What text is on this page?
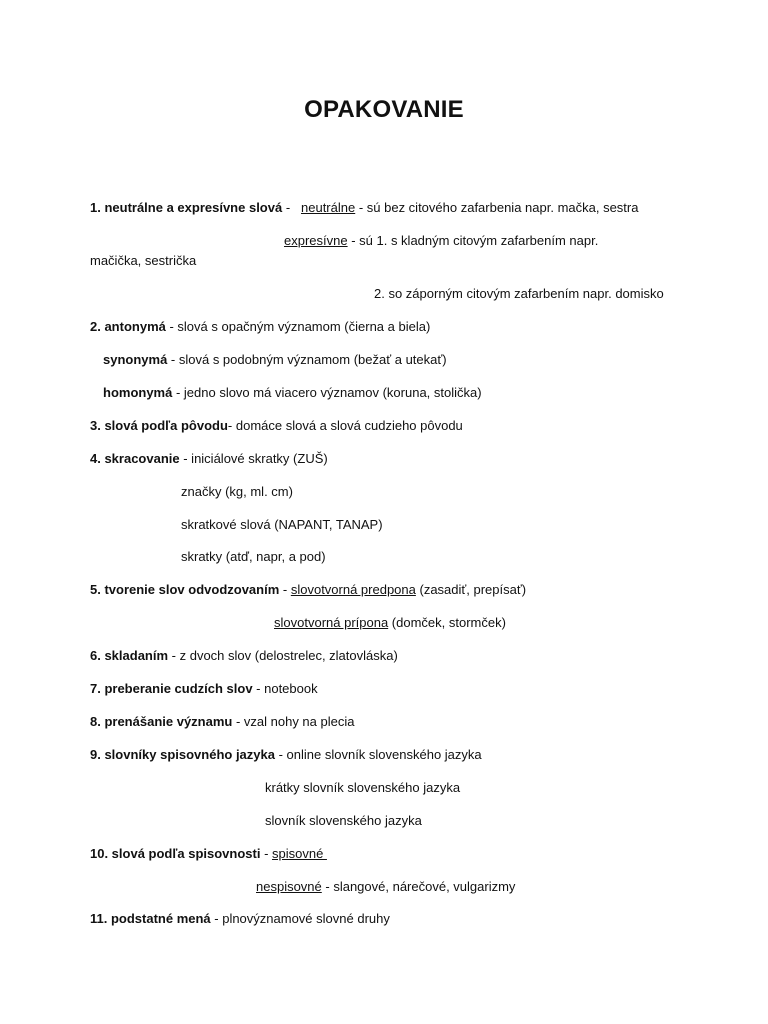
OPAKOVANIE
1. neutrálne a expresívne slová -   neutrálne - sú bez citového zafarbenia napr. mačka, sestra
expresívne - sú 1. s kladným citovým zafarbením napr.
mačička, sestrička
2. so záporným citovým zafarbením napr. domisko
2. antonymá - slová s opačným významom (čierna a biela)
synonymá - slová s podobným významom (bežať a utekať)
homonymá - jedno slovo má viacero významov (koruna, stolička)
3. slová podľa pôvodu- domáce slová a slová cudzieho pôvodu
4. skracovanie - iniciálové skratky (ZUŠ)
značky (kg, ml. cm)
skratkové slová (NAPANT, TANAP)
skratky (atď, napr, a pod)
5. tvorenie slov odvodzovaním - slovotvorná predpona (zasadiť, prepísať)
slovotvorná prípona (domček, stormček)
6. skladaním - z dvoch slov (delostrelec, zlatovláska)
7. preberanie cudzích slov - notebook
8. prenášanie významu - vzal nohy na plecia
9. slovníky spisovného jazyka - online slovník slovenského jazyka
krátky slovník slovenského jazyka
slovník slovenského jazyka
10. slová podľa spisovnosti - spisovné
nespisovné - slangové, nárečové, vulgarizmy
11. podstatné mená - plnovýznamové slovné druhy
